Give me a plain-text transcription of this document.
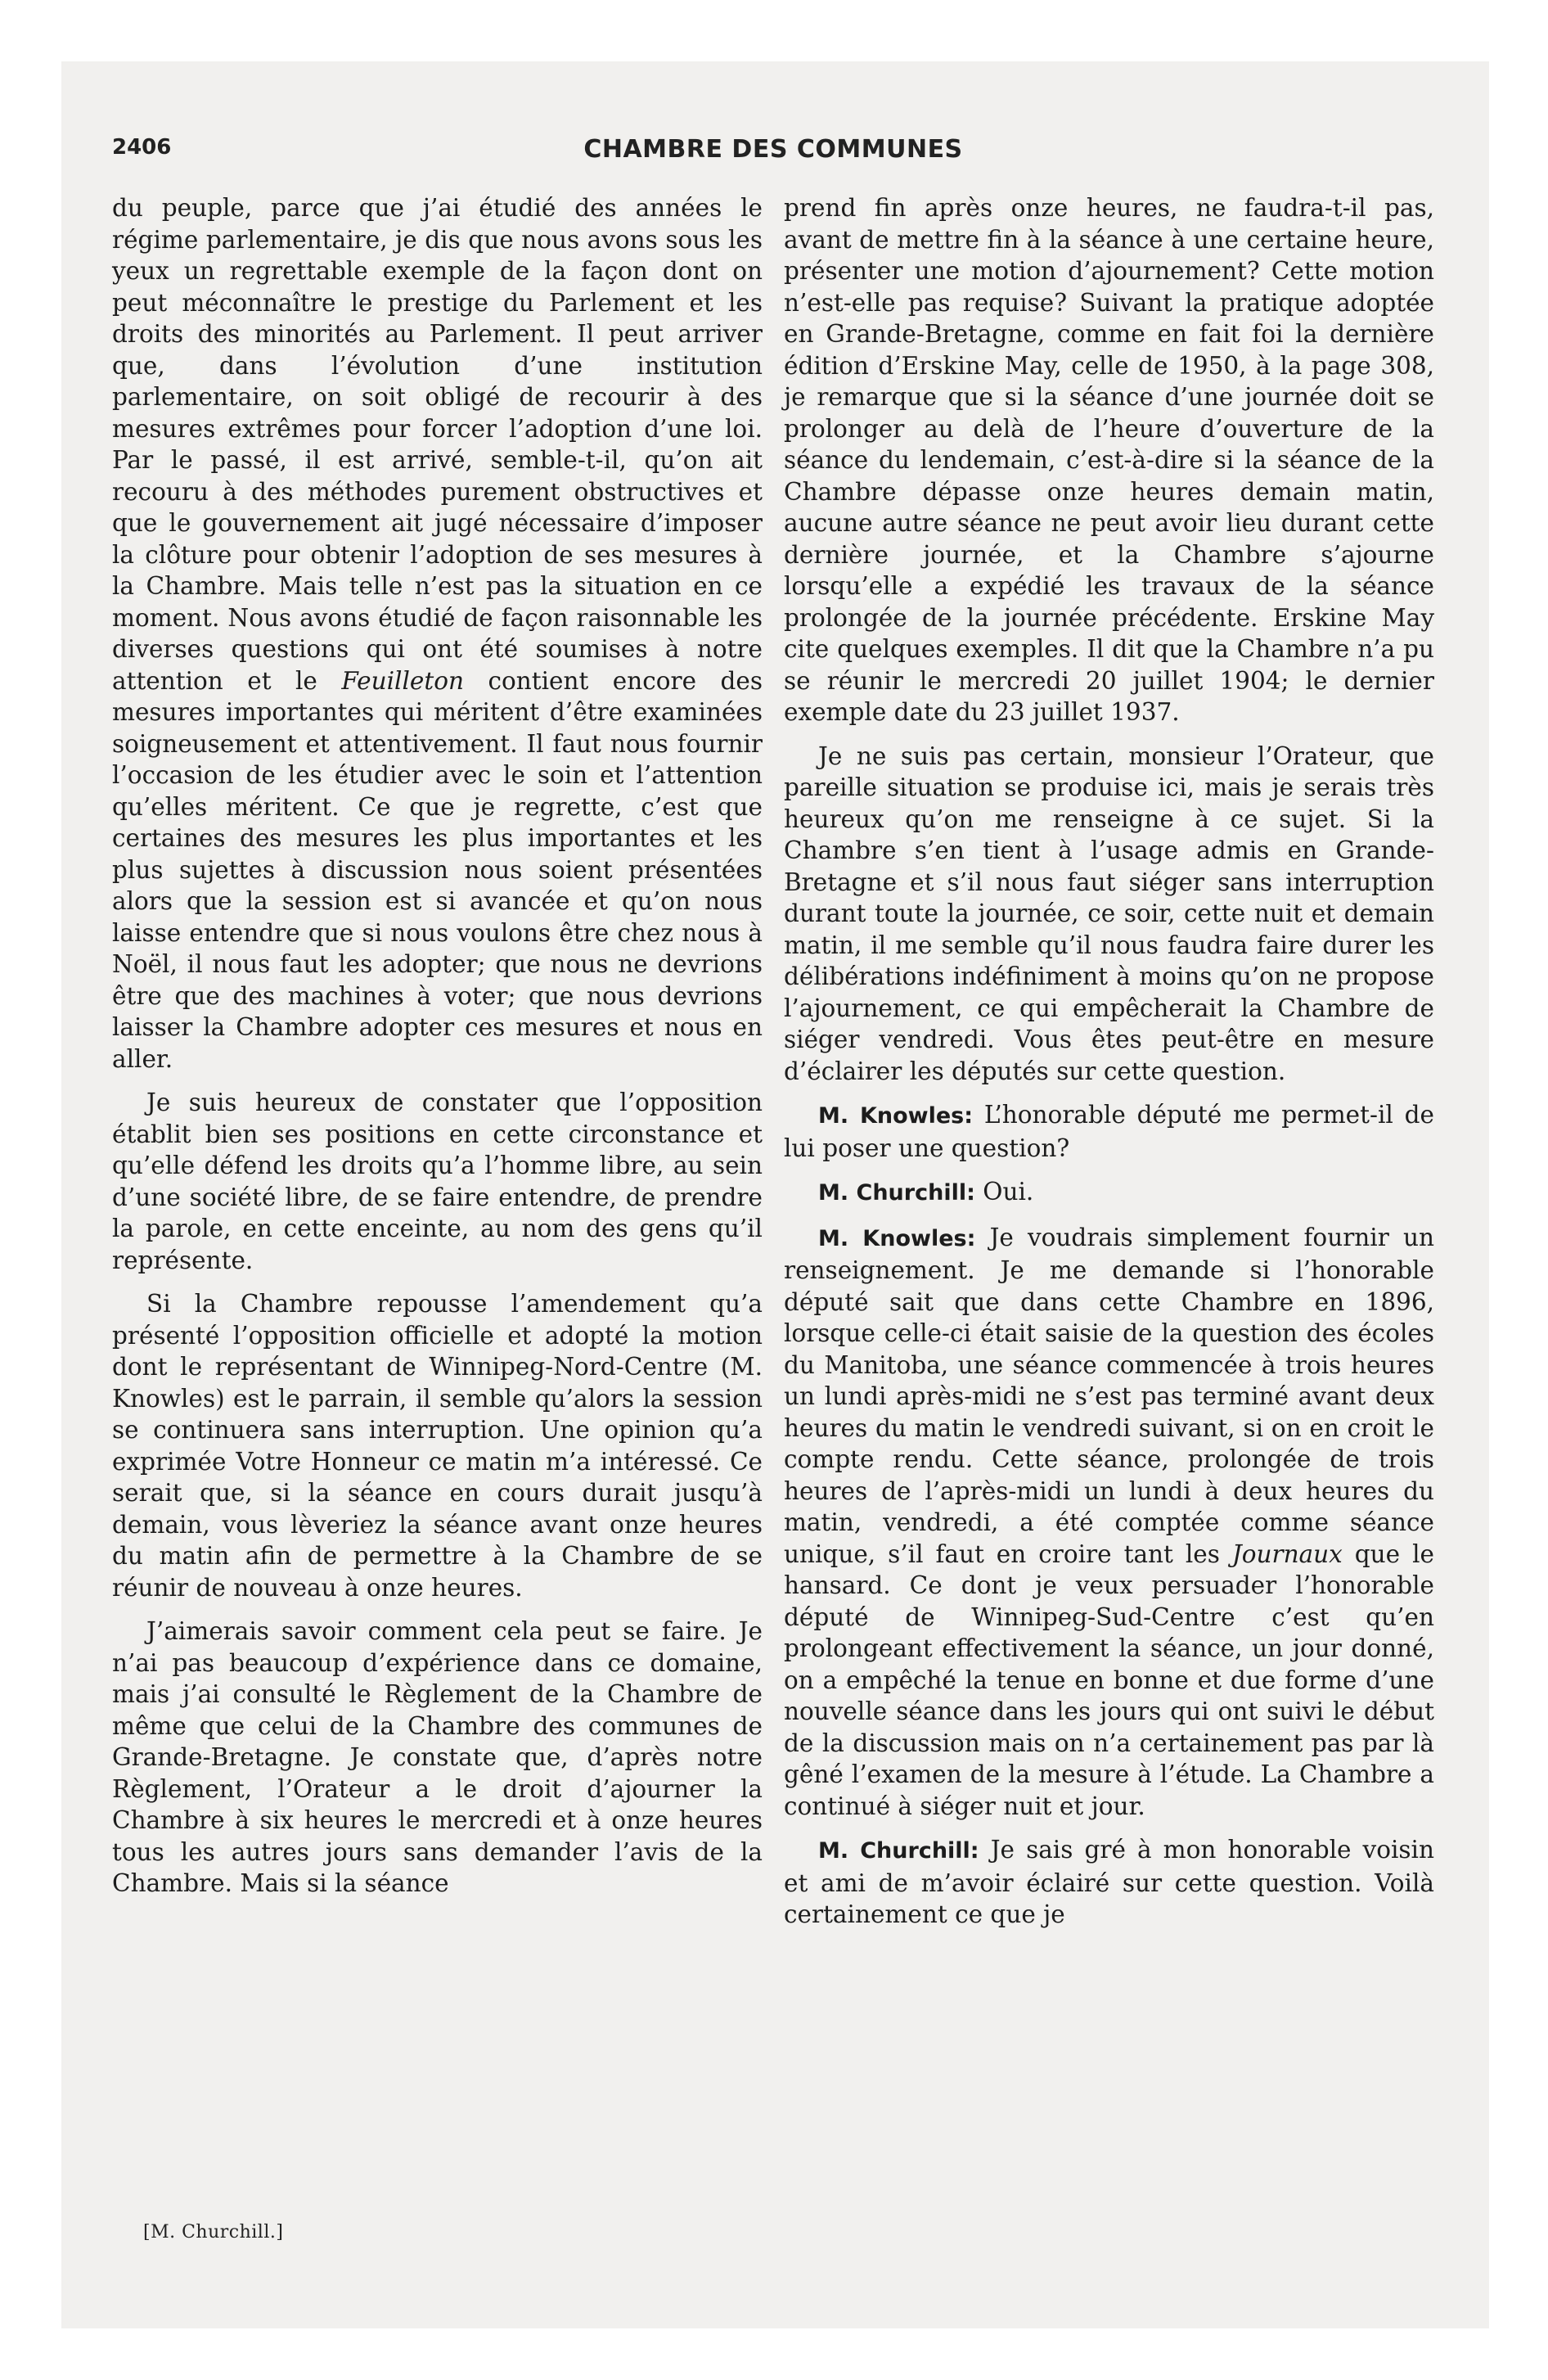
2406	CHAMBRE DES COMMUNES

du peuple, parce que j’ai étudié des années le régime parlementaire, je dis que nous avons sous les yeux un regrettable exemple de la façon dont on peut méconnaître le prestige du Parlement et les droits des minorités au Parlement. Il peut arriver que, dans l’évolution d’une institution parlementaire, on soit obligé de recourir à des mesures extrêmes pour forcer l’adoption d’une loi. Par le passé, il est arrivé, semble-t-il, qu’on ait recouru à des méthodes purement obstructives et que le gouvernement ait jugé nécessaire d’imposer la clôture pour obtenir l’adoption de ses mesures à la Chambre. Mais telle n’est pas la situation en ce moment. Nous avons étudié de façon raisonnable les diverses questions qui ont été soumises à notre attention et le Feuilleton contient encore des mesures importantes qui méritent d’être examinées soigneusement et attentivement. Il faut nous fournir l’occasion de les étudier avec le soin et l’attention qu’elles méritent. Ce que je regrette, c’est que certaines des mesures les plus importantes et les plus sujettes à discussion nous soient présentées alors que la session est si avancée et qu’on nous laisse entendre que si nous voulons être chez nous à Noël, il nous faut les adopter; que nous ne devrions être que des machines à voter; que nous devrions laisser la Chambre adopter ces mesures et nous en aller.

Je suis heureux de constater que l’opposition établit bien ses positions en cette circonstance et qu’elle défend les droits qu’a l’homme libre, au sein d’une société libre, de se faire entendre, de prendre la parole, en cette enceinte, au nom des gens qu’il représente.

Si la Chambre repousse l’amendement qu’a présenté l’opposition officielle et adopté la motion dont le représentant de Winnipeg-Nord-Centre (M. Knowles) est le parrain, il semble qu’alors la session se continuera sans interruption. Une opinion qu’a exprimée Votre Honneur ce matin m’a intéressé. Ce serait que, si la séance en cours durait jusqu’à demain, vous lèveriez la séance avant onze heures du matin afin de permettre à la Chambre de se réunir de nouveau à onze heures.

J’aimerais savoir comment cela peut se faire. Je n’ai pas beaucoup d’expérience dans ce domaine, mais j’ai consulté le Règlement de la Chambre de même que celui de la Chambre des communes de Grande-Bretagne. Je constate que, d’après notre Règlement, l’Orateur a le droit d’ajourner la Chambre à six heures le mercredi et à onze heures tous les autres jours sans demander l’avis de la Chambre. Mais si la séance

prend fin après onze heures, ne faudra-t-il pas, avant de mettre fin à la séance à une certaine heure, présenter une motion d’ajournement? Cette motion n’est-elle pas requise? Suivant la pratique adoptée en Grande-Bretagne, comme en fait foi la dernière édition d’Erskine May, celle de 1950, à la page 308, je remarque que si la séance d’une journée doit se prolonger au delà de l’heure d’ouverture de la séance du lendemain, c’est-à-dire si la séance de la Chambre dépasse onze heures demain matin, aucune autre séance ne peut avoir lieu durant cette dernière journée, et la Chambre s’ajourne lorsqu’elle a expédié les travaux de la séance prolongée de la journée précédente. Erskine May cite quelques exemples. Il dit que la Chambre n’a pu se réunir le mercredi 20 juillet 1904; le dernier exemple date du 23 juillet 1937.

Je ne suis pas certain, monsieur l’Orateur, que pareille situation se produise ici, mais je serais très heureux qu’on me renseigne à ce sujet. Si la Chambre s’en tient à l’usage admis en Grande-Bretagne et s’il nous faut siéger sans interruption durant toute la journée, ce soir, cette nuit et demain matin, il me semble qu’il nous faudra faire durer les délibérations indéfiniment à moins qu’on ne propose l’ajournement, ce qui empêcherait la Chambre de siéger vendredi. Vous êtes peut-être en mesure d’éclairer les députés sur cette question.

M. Knowles: L’honorable député me permet-il de lui poser une question?

M. Churchill: Oui.

M. Knowles: Je voudrais simplement fournir un renseignement. Je me demande si l’honorable député sait que dans cette Chambre en 1896, lorsque celle-ci était saisie de la question des écoles du Manitoba, une séance commencée à trois heures un lundi après-midi ne s’est pas terminé avant deux heures du matin le vendredi suivant, si on en croit le compte rendu. Cette séance, prolongée de trois heures de l’après-midi un lundi à deux heures du matin, vendredi, a été comptée comme séance unique, s’il faut en croire tant les Journaux que le hansard. Ce dont je veux persuader l’honorable député de Winnipeg-Sud-Centre c’est qu’en prolongeant effectivement la séance, un jour donné, on a empêché la tenue en bonne et due forme d’une nouvelle séance dans les jours qui ont suivi le début de la discussion mais on n’a certainement pas par là gêné l’examen de la mesure à l’étude. La Chambre a continué à siéger nuit et jour.

M. Churchill: Je sais gré à mon honorable voisin et ami de m’avoir éclairé sur cette question. Voilà certainement ce que je

[M. Churchill.]
